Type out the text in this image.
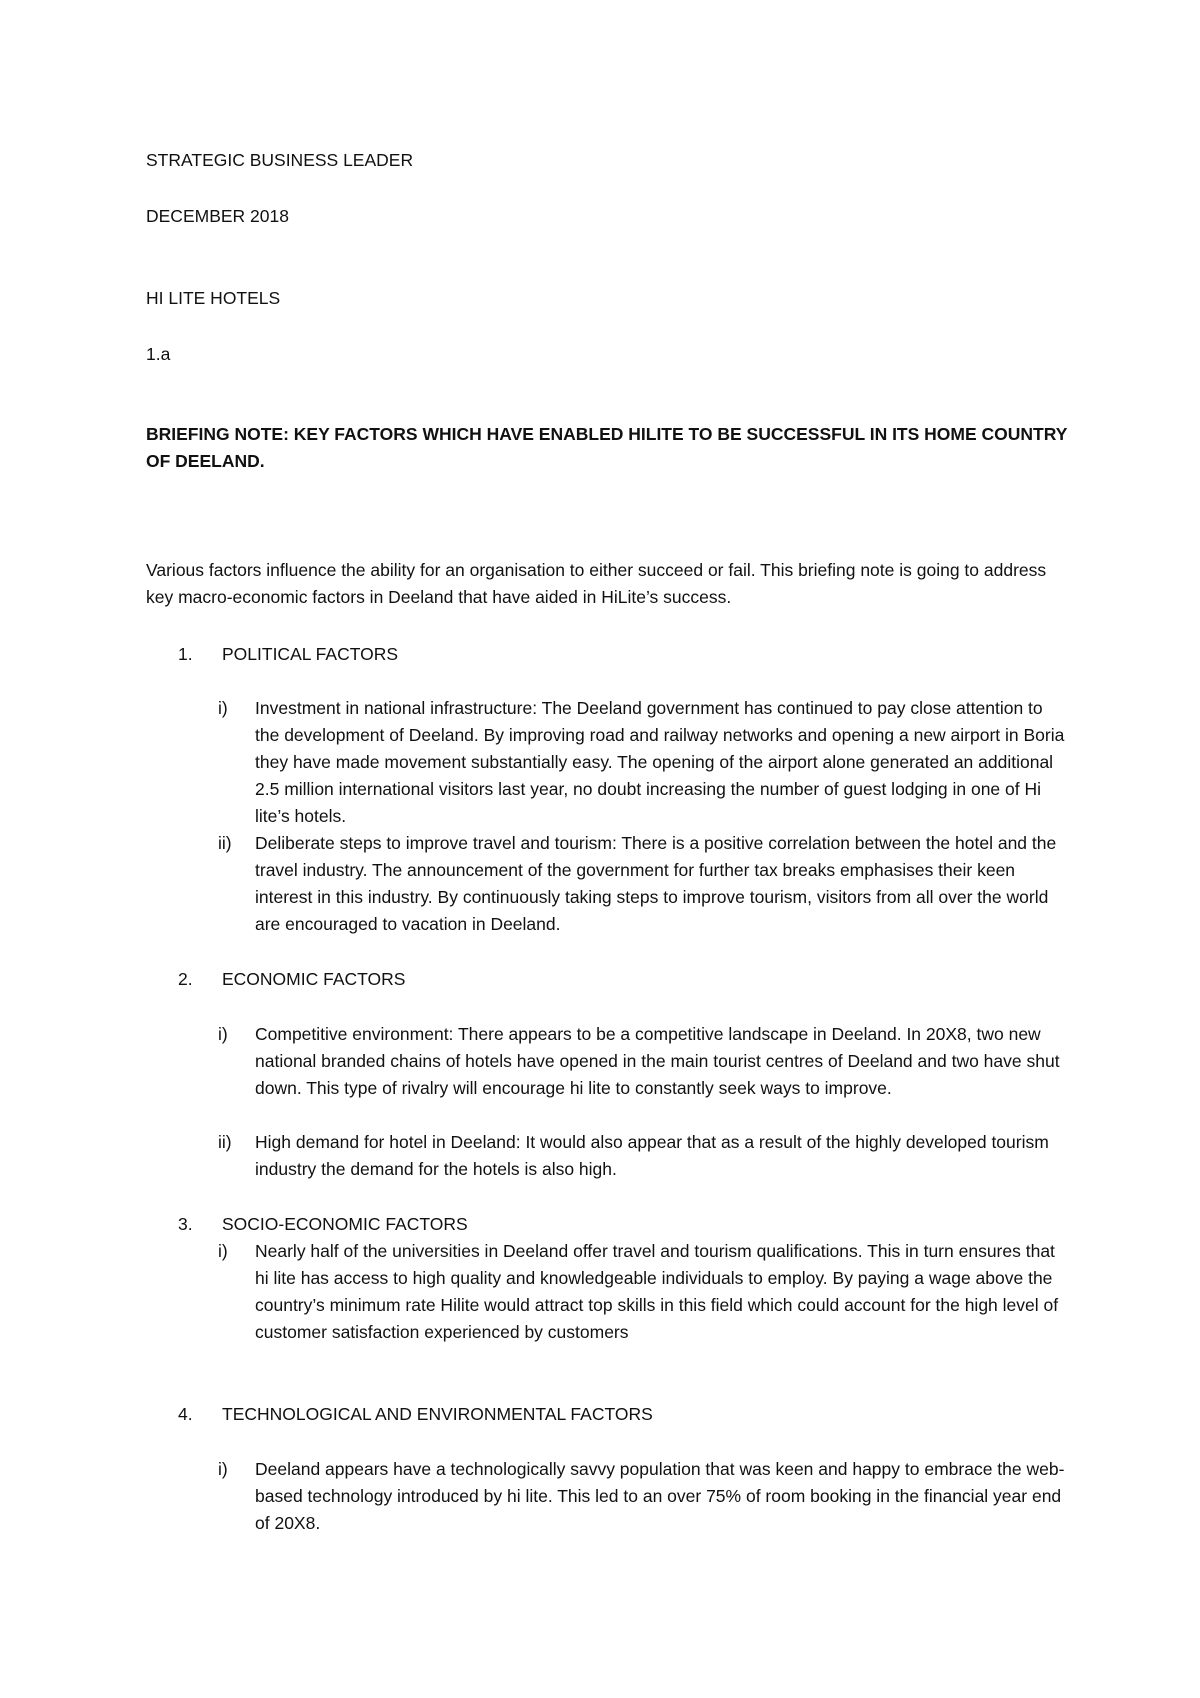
STRATEGIC BUSINESS LEADER

DECEMBER 2018

HI LITE HOTELS

1.a

BRIEFING NOTE: KEY FACTORS WHICH HAVE ENABLED HILITE TO BE SUCCESSFUL IN ITS HOME COUNTRY OF DEELAND.

Various factors influence the ability for an organisation to either succeed or fail. This briefing note is going to address key macro-economic factors in Deeland that have aided in HiLite’s success.

1. POLITICAL FACTORS

i)	Investment in national infrastructure: The Deeland government has continued to pay close attention to the development of Deeland. By improving road and railway networks and opening a new airport in Boria they have made movement substantially easy. The opening of the airport alone generated an additional 2.5 million international visitors last year, no doubt increasing the number of guest lodging in one of Hi lite’s hotels.
ii)	Deliberate steps to improve travel and tourism: There is a positive correlation between the hotel and the travel industry. The announcement of the government for further tax breaks emphasises their keen interest in this industry. By continuously taking steps to improve tourism, visitors from all over the world are encouraged to vacation in Deeland.

2. ECONOMIC FACTORS

i)	Competitive environment: There appears to be a competitive landscape in Deeland. In 20X8, two new national branded chains of hotels have opened in the main tourist centres of Deeland and two have shut down. This type of rivalry will encourage hi lite to constantly seek ways to improve.
ii)	High demand for hotel in Deeland: It would also appear that as a result of the highly developed tourism industry the demand for the hotels is also high.

3. SOCIO-ECONOMIC FACTORS

i)	Nearly half of the universities in Deeland offer travel and tourism qualifications. This in turn ensures that hi lite has access to high quality and knowledgeable individuals to employ. By paying a wage above the country’s minimum rate Hilite would attract top skills in this field which could account for the high level of customer satisfaction experienced by customers

4. TECHNOLOGICAL AND ENVIRONMENTAL FACTORS

i)	Deeland appears have a technologically savvy population that was keen and happy to embrace the web-based technology introduced by hi lite. This led to an over 75% of room booking in the financial year end of 20X8.
